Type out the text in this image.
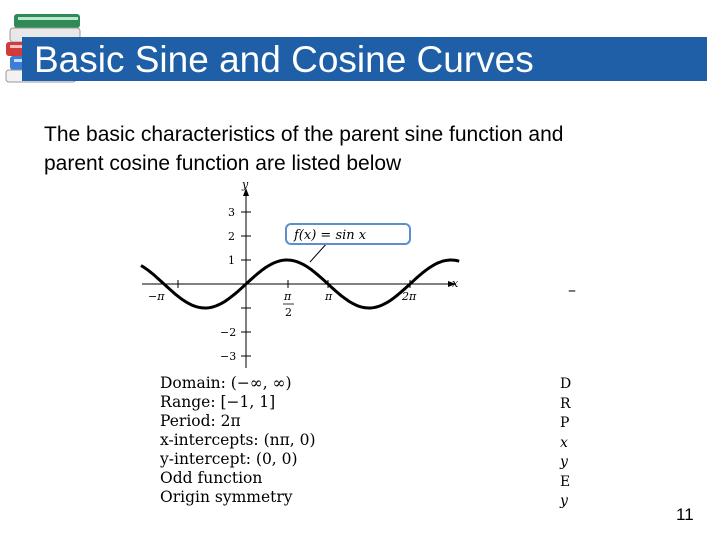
Basic Sine and Cosine Curves
The basic characteristics of the parent sine function and
parent cosine function are listed below
x
y
3
2
1
−2
−3
−π	π
2
π	2π
f(x) = sin x
Domain: (−∞, ∞)
Range: [−1, 1]
Period: 2π
x-intercepts: (nπ, 0)
y-intercept: (0, 0)
Odd function
Origin symmetry
–
D
R
P
x
y
E
y
11
